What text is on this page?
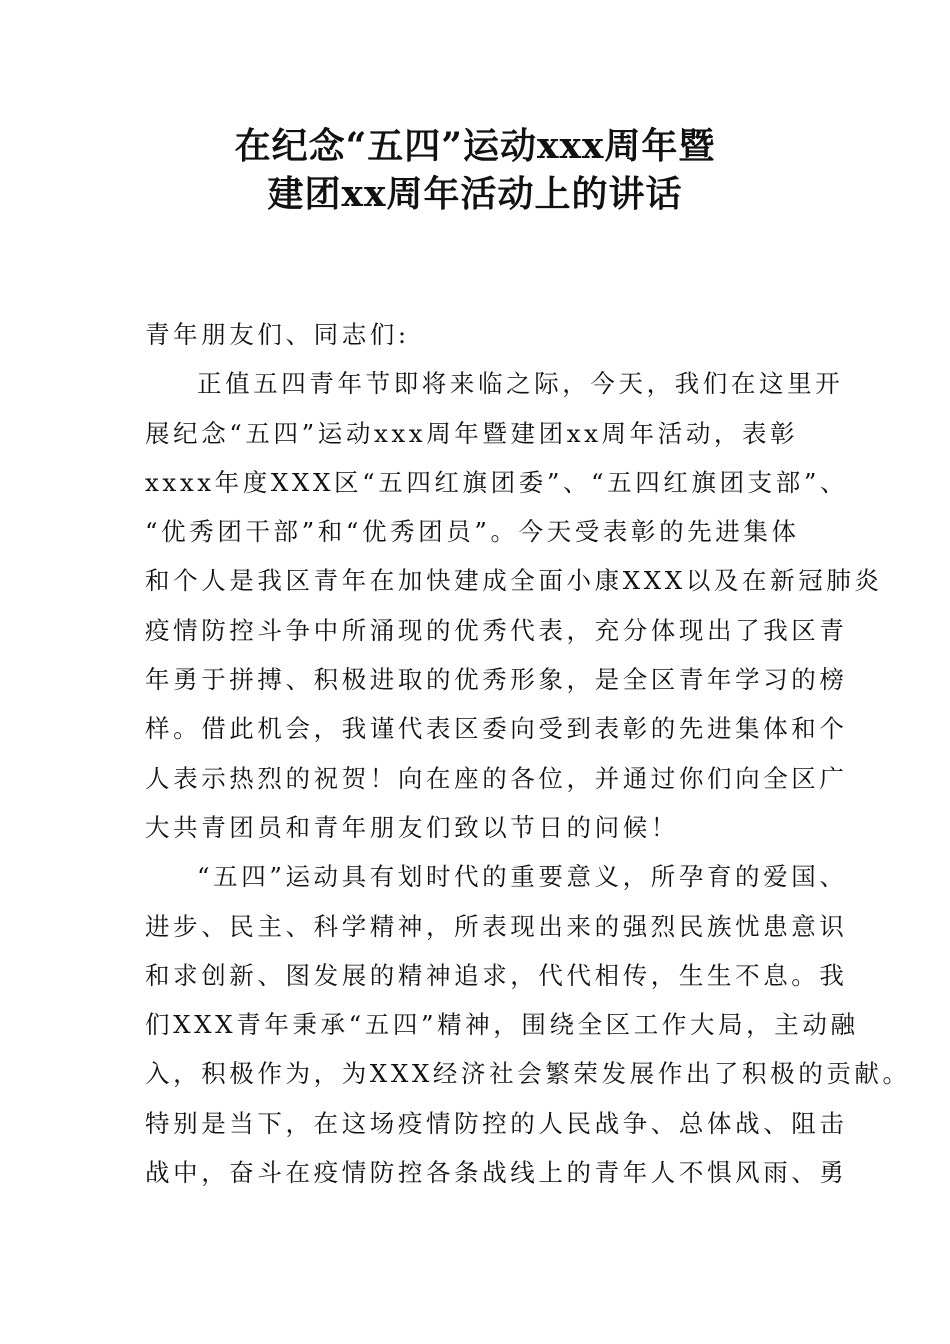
在纪念“五四”运动xxx周年暨
建团xx周年活动上的讲话
青年朋友们、同志们:
正值五四青年节即将来临之际，今天，我们在这里开
展纪念“五四”运动xxx周年暨建团xx周年活动，表彰
xxxx年度XXX区“五四红旗团委”、“五四红旗团支部”、
“优秀团干部”和“优秀团员”。今天受表彰的先进集体
和个人是我区青年在加快建成全面小康XXX以及在新冠肺炎
疫情防控斗争中所涌现的优秀代表，充分体现出了我区青
年勇于拼搏、积极进取的优秀形象，是全区青年学习的榜
样。借此机会，我谨代表区委向受到表彰的先进集体和个
人表示热烈的祝贺！向在座的各位，并通过你们向全区广
大共青团员和青年朋友们致以节日的问候！
“五四”运动具有划时代的重要意义，所孕育的爱国、
进步、民主、科学精神，所表现出来的强烈民族忧患意识
和求创新、图发展的精神追求，代代相传，生生不息。我
们XXX青年秉承“五四”精神，围绕全区工作大局，主动融
入，积极作为，为XXX经济社会繁荣发展作出了积极的贡献。
特别是当下，在这场疫情防控的人民战争、总体战、阻击
战中，奋斗在疫情防控各条战线上的青年人不惧风雨、勇
